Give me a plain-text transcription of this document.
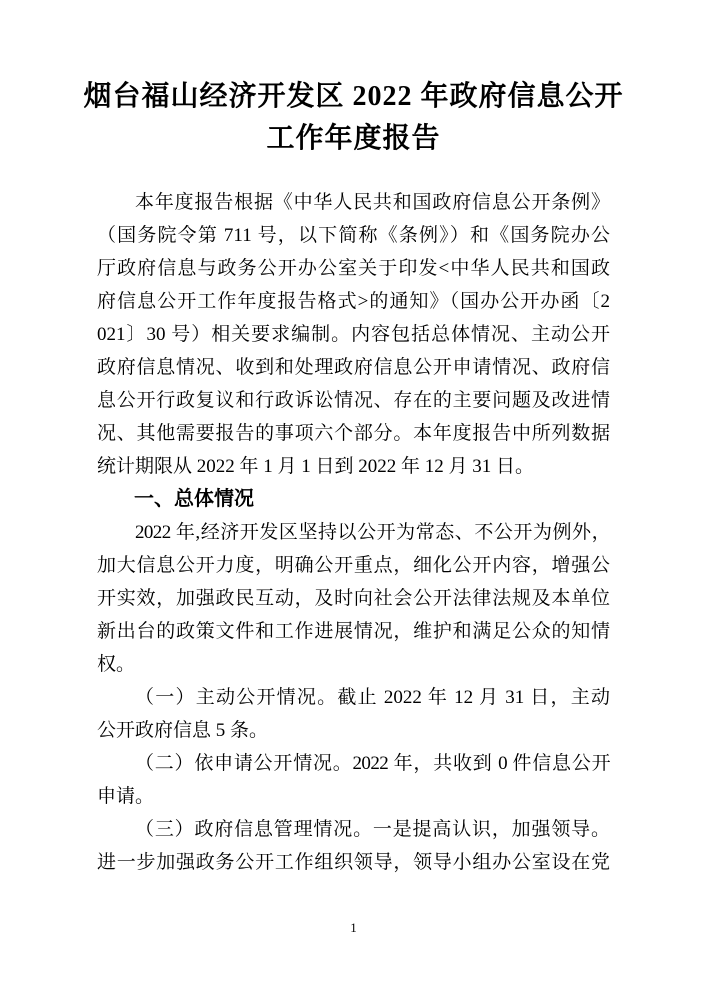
烟台福山经济开发区 2022 年政府信息公开
工作年度报告

本年度报告根据《中华人民共和国政府信息公开条例》
（国务院令第 711 号，以下简称《条例》）和《国务院办公
厅政府信息与政务公开办公室关于印发<中华人民共和国政
府信息公开工作年度报告格式>的通知》（国办公开办函〔2
021〕30 号）相关要求编制。内容包括总体情况、主动公开
政府信息情况、收到和处理政府信息公开申请情况、政府信
息公开行政复议和行政诉讼情况、存在的主要问题及改进情
况、其他需要报告的事项六个部分。本年度报告中所列数据
统计期限从 2022 年 1 月 1 日到 2022 年 12 月 31 日。

一、总体情况

2022 年,经济开发区坚持以公开为常态、不公开为例外，
加大信息公开力度，明确公开重点，细化公开内容，增强公
开实效，加强政民互动，及时向社会公开法律法规及本单位
新出台的政策文件和工作进展情况，维护和满足公众的知情
权。

（一）主动公开情况。截止 2022 年 12 月 31 日，主动
公开政府信息 5 条。

（二）依申请公开情况。2022 年，共收到 0 件信息公开
申请。

（三）政府信息管理情况。一是提高认识，加强领导。
进一步加强政务公开工作组织领导，领导小组办公室设在党

1
